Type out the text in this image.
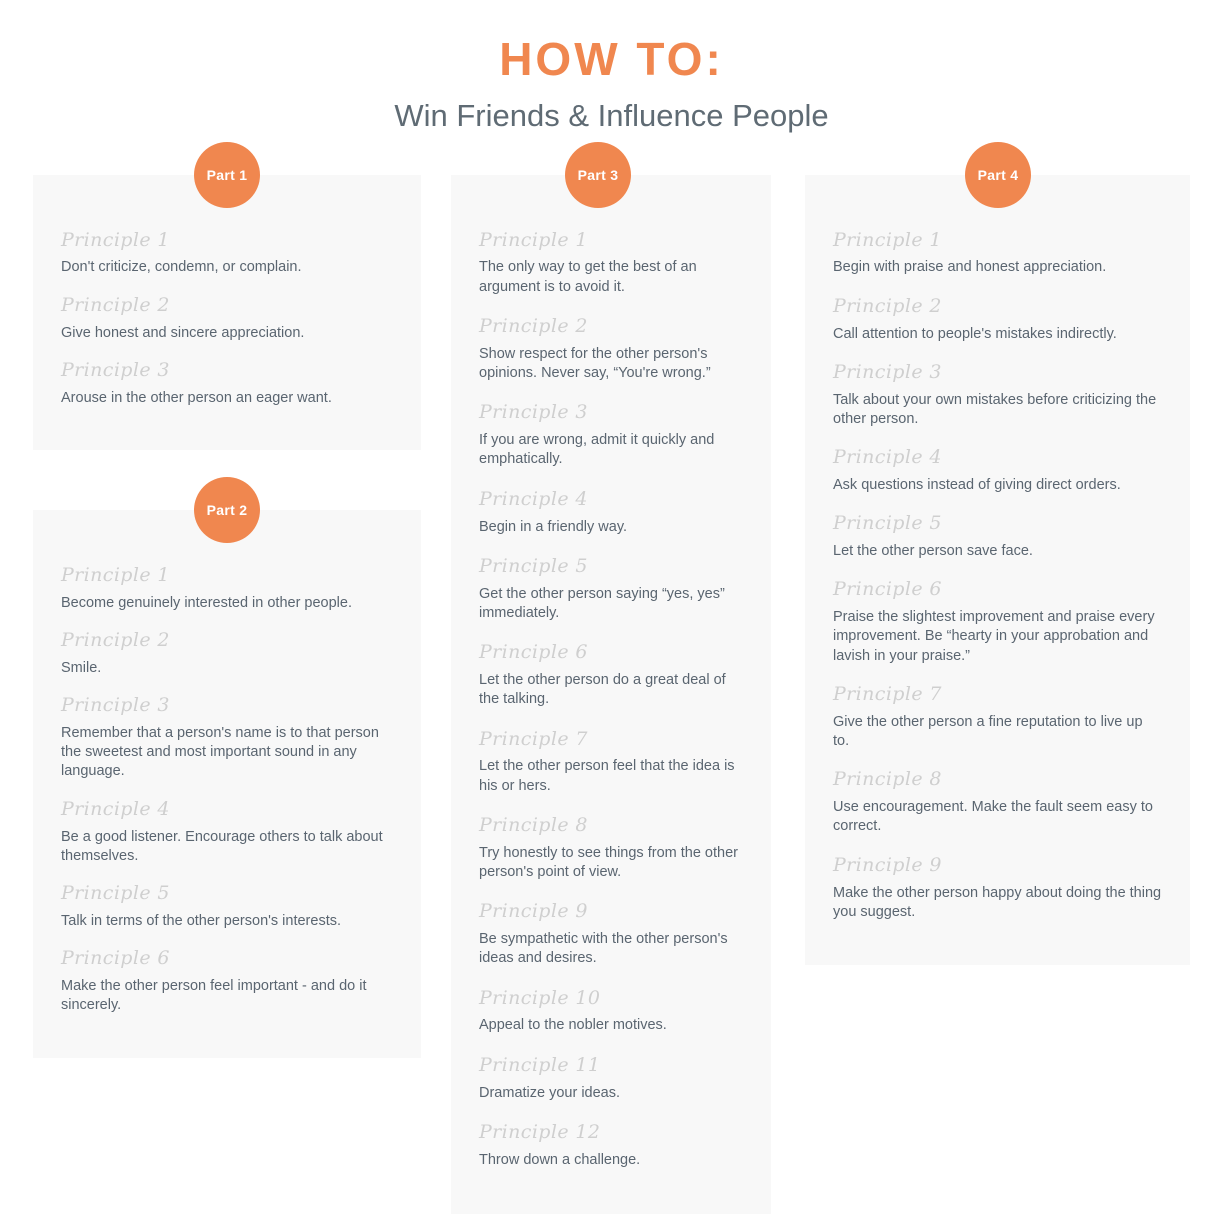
HOW TO:
Win Friends & Influence People
Part 1
Principle 1
Don't criticize, condemn, or complain.
Principle 2
Give honest and sincere appreciation.
Principle 3
Arouse in the other person an eager want.
Part 2
Principle 1
Become genuinely interested in other people.
Principle 2
Smile.
Principle 3
Remember that a person's name is to that person the sweetest and most important sound in any language.
Principle 4
Be a good listener. Encourage others to talk about themselves.
Principle 5
Talk in terms of the other person's interests.
Principle 6
Make the other person feel important - and do it sincerely.
Part 3
Principle 1
The only way to get the best of an argument is to avoid it.
Principle 2
Show respect for the other person's opinions. Never say, “You're wrong.”
Principle 3
If you are wrong, admit it quickly and emphatically.
Principle 4
Begin in a friendly way.
Principle 5
Get the other person saying “yes, yes” immediately.
Principle 6
Let the other person do a great deal of the talking.
Principle 7
Let the other person feel that the idea is his or hers.
Principle 8
Try honestly to see things from the other person's point of view.
Principle 9
Be sympathetic with the other person's ideas and desires.
Principle 10
Appeal to the nobler motives.
Principle 11
Dramatize your ideas.
Principle 12
Throw down a challenge.
Part 4
Principle 1
Begin with praise and honest appreciation.
Principle 2
Call attention to people's mistakes indirectly.
Principle 3
Talk about your own mistakes before criticizing the other person.
Principle 4
Ask questions instead of giving direct orders.
Principle 5
Let the other person save face.
Principle 6
Praise the slightest improvement and praise every improvement. Be “hearty in your approbation and lavish in your praise.”
Principle 7
Give the other person a fine reputation to live up to.
Principle 8
Use encouragement. Make the fault seem easy to correct.
Principle 9
Make the other person happy about doing the thing you suggest.
